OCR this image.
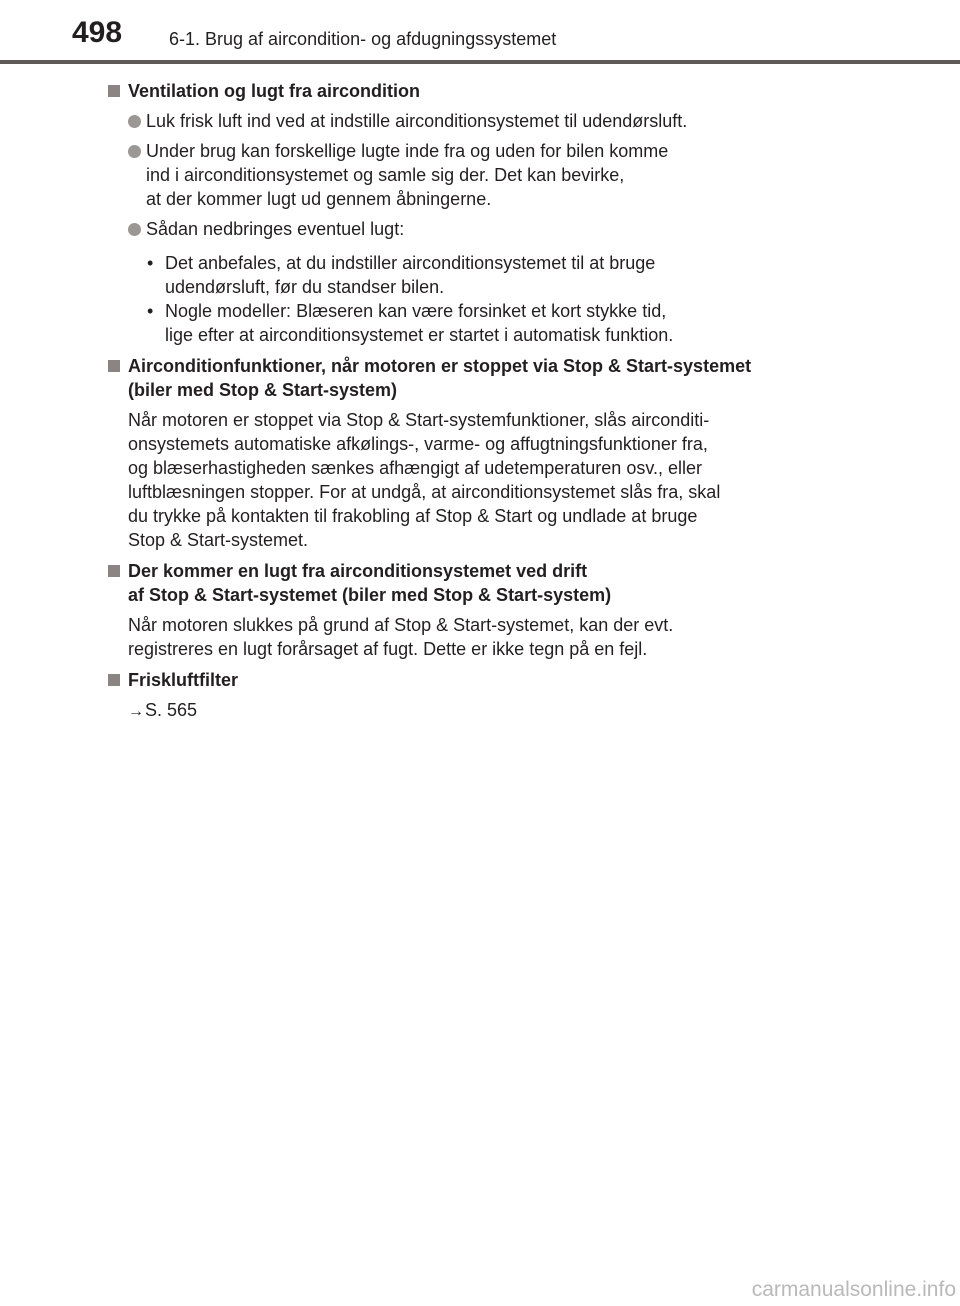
498	6-1. Brug af aircondition- og afdugningssystemet
Ventilation og lugt fra aircondition
Luk frisk luft ind ved at indstille airconditionsystemet til udendørsluft.
Under brug kan forskellige lugte inde fra og uden for bilen komme
ind i airconditionsystemet og samle sig der. Det kan bevirke,
at der kommer lugt ud gennem åbningerne.
Sådan nedbringes eventuel lugt:
• Det anbefales, at du indstiller airconditionsystemet til at bruge
udendørsluft, før du standser bilen.
• Nogle modeller: Blæseren kan være forsinket et kort stykke tid,
lige efter at airconditionsystemet er startet i automatisk funktion.
Airconditionfunktioner, når motoren er stoppet via Stop & Start-systemet
(biler med Stop & Start-system)
Når motoren er stoppet via Stop & Start-systemfunktioner, slås airconditi-
onsystemets automatiske afkølings-, varme- og affugtningsfunktioner fra,
og blæserhastigheden sænkes afhængigt af udetemperaturen osv., eller
luftblæsningen stopper. For at undgå, at airconditionsystemet slås fra, skal
du trykke på kontakten til frakobling af Stop & Start og undlade at bruge
Stop & Start-systemet.
Der kommer en lugt fra airconditionsystemet ved drift
af Stop & Start-systemet (biler med Stop & Start-system)
Når motoren slukkes på grund af Stop & Start-systemet, kan der evt.
registreres en lugt forårsaget af fugt. Dette er ikke tegn på en fejl.
Friskluftfilter
→S. 565
carmanualsonline.info
